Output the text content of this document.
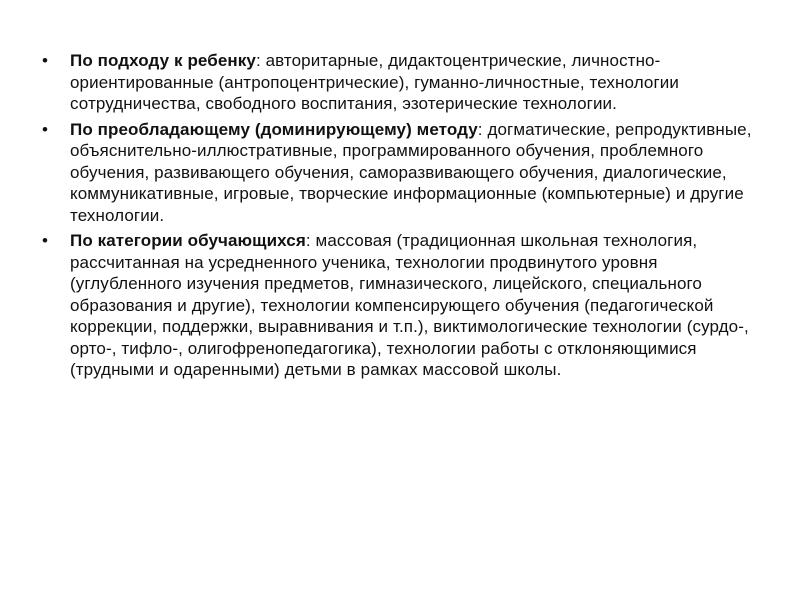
• По подходу к ребенку: авторитарные, дидактоцентрические, личностно-ориентированные (антропоцентрические), гуманно-личностные, технологии сотрудничества, свободного воспитания, эзотерические технологии.
• По преобладающему (доминирующему) методу: догматические, репродуктивные, объяснительно-иллюстративные, программированного обучения, проблемного обучения, развивающего обучения, саморазвивающего обучения, диалогические, коммуникативные, игровые, творческие информационные (компьютерные) и другие технологии.
• По категории обучающихся: массовая (традиционная школьная технология, рассчитанная на усредненного ученика, технологии продвинутого уровня (углубленного изучения предметов, гимназического, лицейского, специального образования и другие), технологии компенсирующего обучения (педагогической коррекции, поддержки, выравнивания и т.п.), виктимологические технологии (сурдо-, орто-, тифло-, олигофренопедагогика), технологии работы с отклоняющимися (трудными и одаренными) детьми в рамках массовой школы.
